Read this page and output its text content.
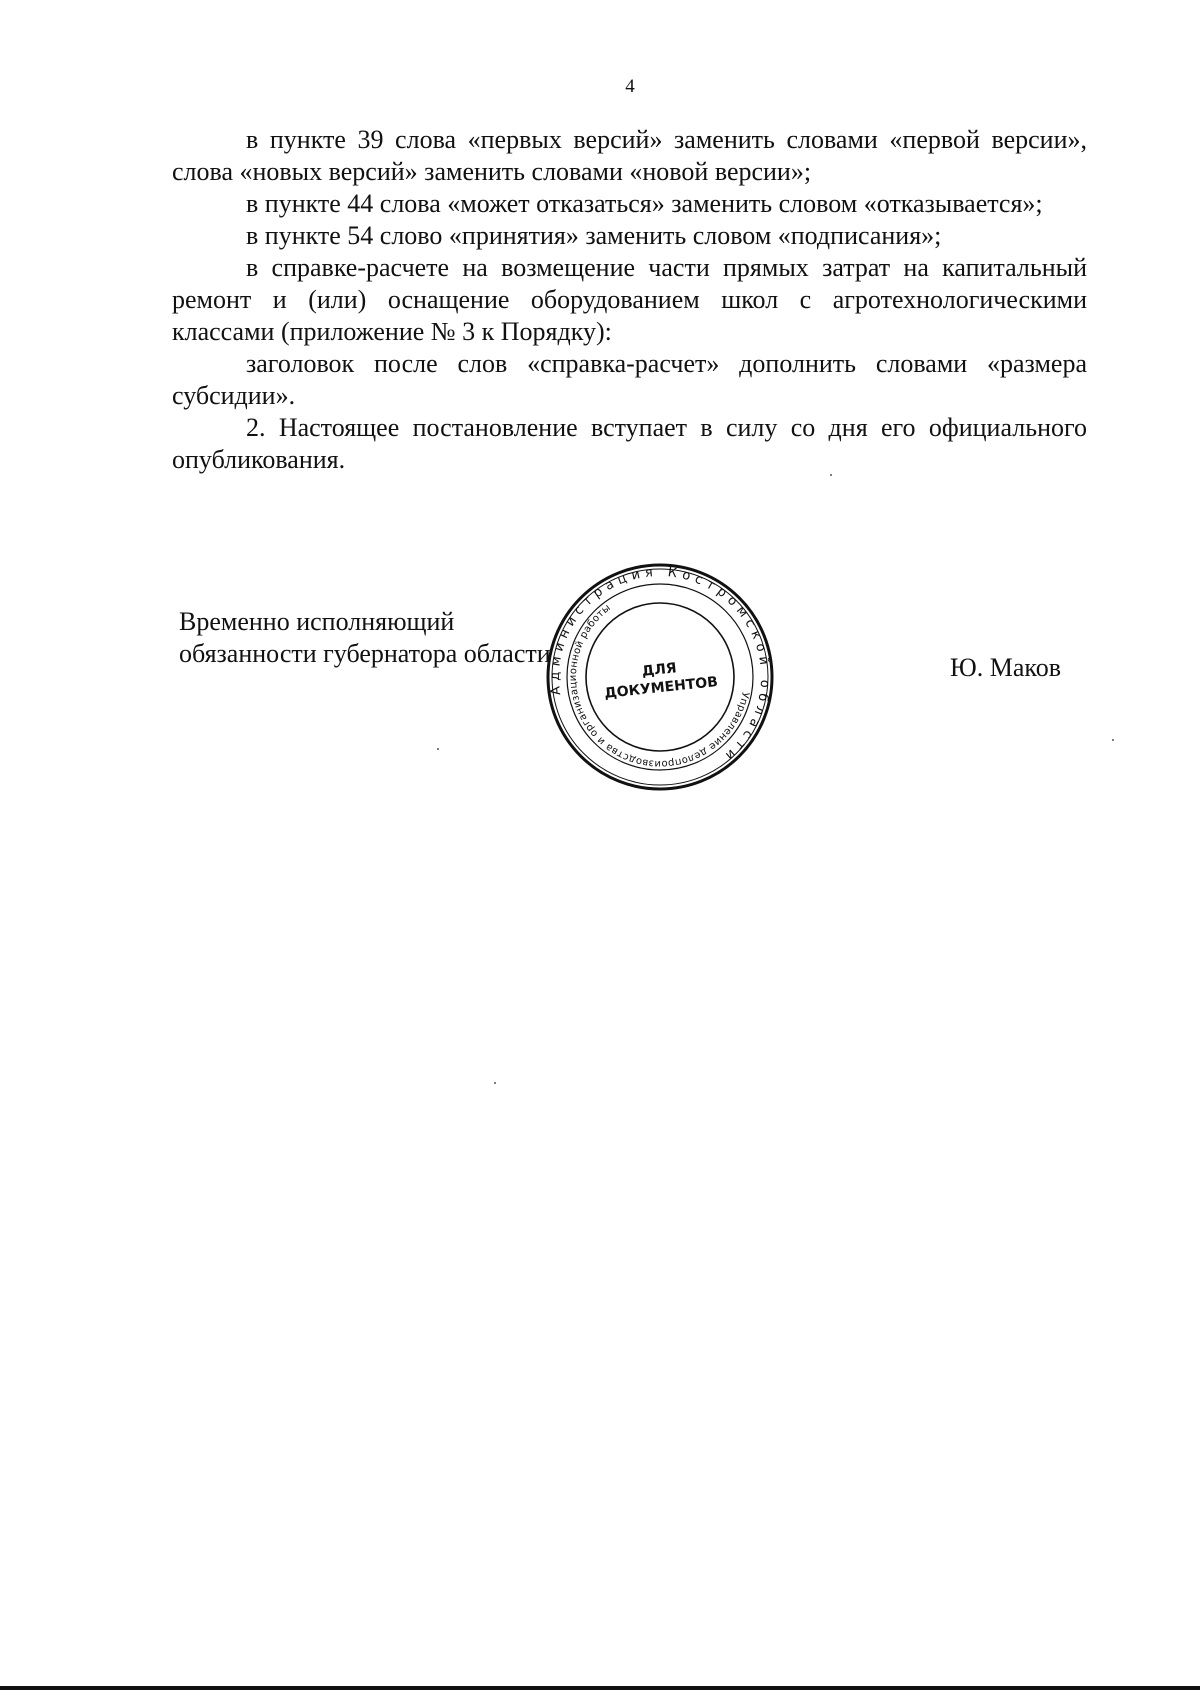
4

в пункте 39 слова «первых версий» заменить словами «первой версии», слова «новых версий» заменить словами «новой версии»;

в пункте 44 слова «может отказаться» заменить словом «отказывается»;

в пункте 54 слово «принятия» заменить словом «подписания»;

в справке-расчете на возмещение части прямых затрат на капитальный ремонт и (или) оснащение оборудованием школ с агротехнологическими классами (приложение № 3 к Порядку):

заголовок после слов «справка-расчет» дополнить словами «размера субсидии».

2. Настоящее постановление вступает в силу со дня его официального опубликования.

Временно исполняющий
обязанности губернатора области	Ю. Маков
Администрация Костромской области
Управление делопроизводства и организационной работы
ДЛЯ
ДОКУМЕНТОВ
